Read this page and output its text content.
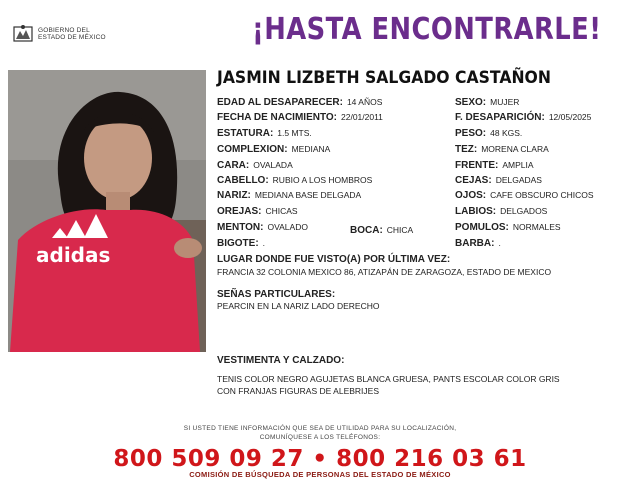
GOBIERNO DEL
ESTADO DE MÉXICO	¡HASTA ENCONTRARLE!
adidas
JASMIN LIZBETH SALGADO CASTAÑON
EDAD AL DESAPARECER: 14 AÑOS
FECHA DE NACIMIENTO: 22/01/2011
ESTATURA: 1.5 MTS.
COMPLEXION: MEDIANA
CARA: OVALADA
CABELLO: RUBIO A LOS HOMBROS
NARIZ: MEDIANA BASE DELGADA
OREJAS: CHICAS
MENTON: OVALADO	BOCA: CHICA
BIGOTE: .
SEXO: MUJER
F. DESAPARICIÓN: 12/05/2025
PESO: 48 KGS.
TEZ: MORENA CLARA
FRENTE: AMPLIA
CEJAS: DELGADAS
OJOS: CAFE OBSCURO CHICOS
LABIOS: DELGADOS
POMULOS: NORMALES
BARBA: .
LUGAR DONDE FUE VISTO(A) POR ÚLTIMA VEZ:
FRANCIA 32 COLONIA MEXICO 86, ATIZAPÁN DE ZARAGOZA, ESTADO DE MEXICO
SEÑAS PARTICULARES:
PEARCIN EN LA NARIZ LADO DERECHO
VESTIMENTA Y CALZADO:
TENIS COLOR NEGRO AGUJETAS BLANCA GRUESA, PANTS ESCOLAR COLOR GRIS
CON FRANJAS FIGURAS DE ALEBRIJES
SI USTED TIENE INFORMACIÓN QUE SEA DE UTILIDAD PARA SU LOCALIZACIÓN,
COMUNÍQUESE A LOS TELÉFONOS:
800 509 09 27 • 800 216 03 61
COMISIÓN DE BÚSQUEDA DE PERSONAS DEL ESTADO DE MÉXICO
